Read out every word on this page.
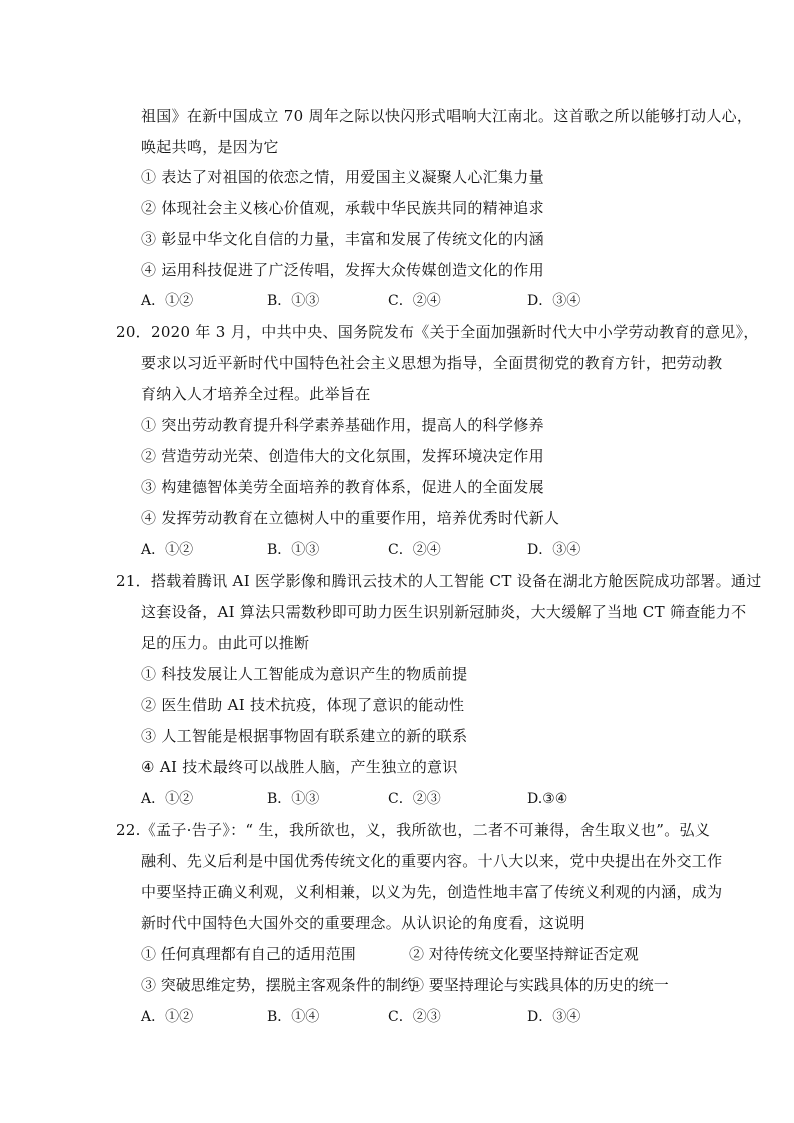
祖国》在新中国成立 70 周年之际以快闪形式唱响大江南北。这首歌之所以能够打动人心，
唤起共鸣，是因为它
① 表达了对祖国的依恋之情，用爱国主义凝聚人心汇集力量
② 体现社会主义核心价值观，承载中华民族共同的精神追求
③ 彰显中华文化自信的力量，丰富和发展了传统文化的内涵
④ 运用科技促进了广泛传唱，发挥大众传媒创造文化的作用
A．①②	B．①③	C．②④	D．③④
20．2020 年 3 月，中共中央、国务院发布《关于全面加强新时代大中小学劳动教育的意见》，
要求以习近平新时代中国特色社会主义思想为指导，全面贯彻党的教育方针，把劳动教
育纳入人才培养全过程。此举旨在
① 突出劳动教育提升科学素养基础作用，提高人的科学修养
② 营造劳动光荣、创造伟大的文化氛围，发挥环境决定作用
③ 构建德智体美劳全面培养的教育体系，促进人的全面发展
④ 发挥劳动教育在立德树人中的重要作用，培养优秀时代新人
A．①②	B．①③	C．②④	D．③④
21．搭载着腾讯 AI 医学影像和腾讯云技术的人工智能 CT 设备在湖北方舱医院成功部署。通过
这套设备，AI 算法只需数秒即可助力医生识别新冠肺炎，大大缓解了当地 CT 筛查能力不
足的压力。由此可以推断
① 科技发展让人工智能成为意识产生的物质前提
② 医生借助 AI 技术抗疫，体现了意识的能动性
③ 人工智能是根据事物固有联系建立的新的联系
④ AI 技术最终可以战胜人脑，产生独立的意识
A．①②	B．①③	C．②③	D.③④
22.《孟子·告子》：“ 生，我所欲也，义，我所欲也，二者不可兼得，舍生取义也”。弘义
融利、先义后利是中国优秀传统文化的重要内容。十八大以来，党中央提出在外交工作
中要坚持正确义利观，义利相兼，以义为先，创造性地丰富了传统义利观的内涵，成为
新时代中国特色大国外交的重要理念。从认识论的角度看，这说明
① 任何真理都有自己的适用范围	② 对待传统文化要坚持辩证否定观
③ 突破思维定势，摆脱主客观条件的制约
④ 要坚持理论与实践具体的历史的统一
A．①②	B．①④	C．②③	D．③④
